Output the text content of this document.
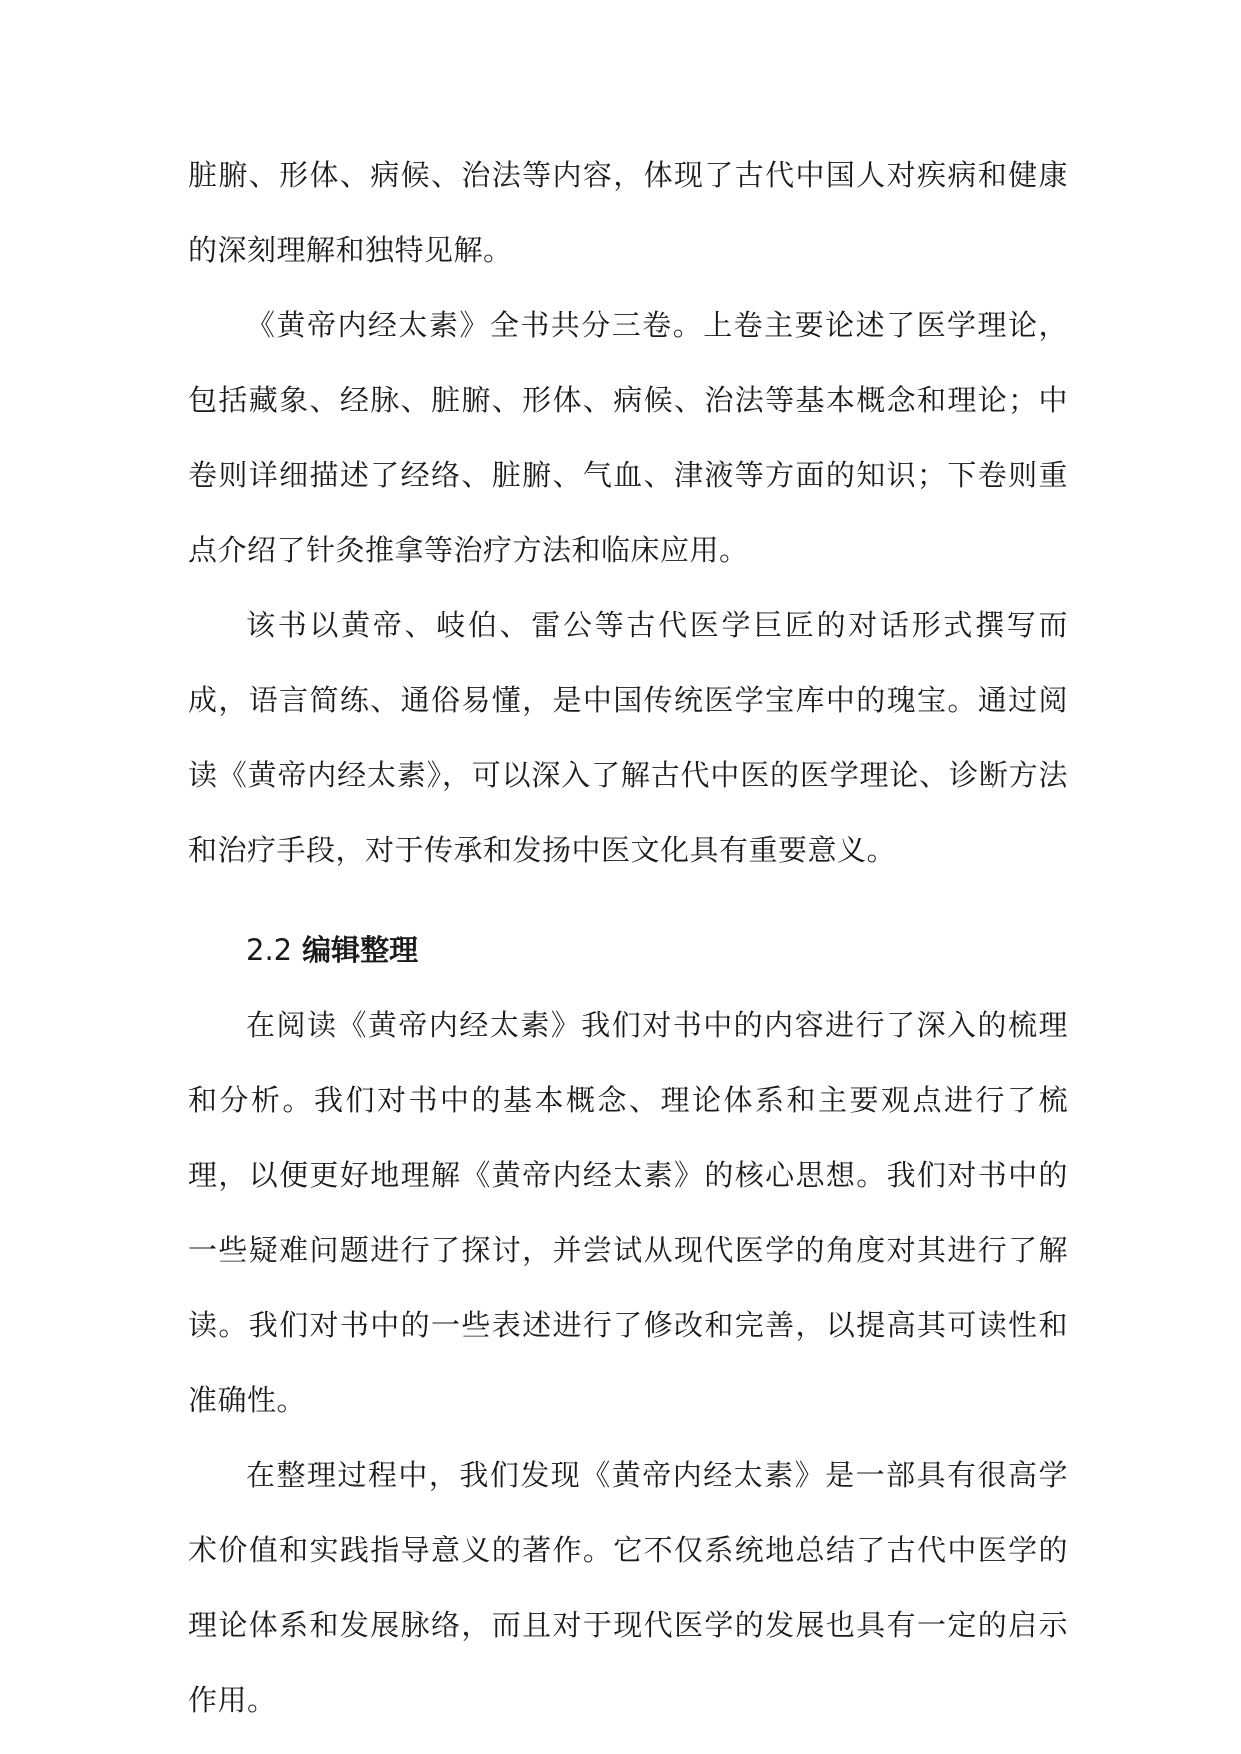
脏腑、形体、病候、治法等内容，体现了古代中国人对疾病和健康的深刻理解和独特见解。

《黄帝内经太素》全书共分三卷。上卷主要论述了医学理论，包括藏象、经脉、脏腑、形体、病候、治法等基本概念和理论；中卷则详细描述了经络、脏腑、气血、津液等方面的知识；下卷则重点介绍了针灸推拿等治疗方法和临床应用。

该书以黄帝、岐伯、雷公等古代医学巨匠的对话形式撰写而成，语言简练、通俗易懂，是中国传统医学宝库中的瑰宝。通过阅读《黄帝内经太素》，可以深入了解古代中医的医学理论、诊断方法和治疗手段，对于传承和发扬中医文化具有重要意义。

2.2 编辑整理

在阅读《黄帝内经太素》我们对书中的内容进行了深入的梳理和分析。我们对书中的基本概念、理论体系和主要观点进行了梳理，以便更好地理解《黄帝内经太素》的核心思想。我们对书中的一些疑难问题进行了探讨，并尝试从现代医学的角度对其进行了解读。我们对书中的一些表述进行了修改和完善，以提高其可读性和准确性。

在整理过程中，我们发现《黄帝内经太素》是一部具有很高学术价值和实践指导意义的著作。它不仅系统地总结了古代中医学的理论体系和发展脉络，而且对于现代医学的发展也具有一定的启示作用。
